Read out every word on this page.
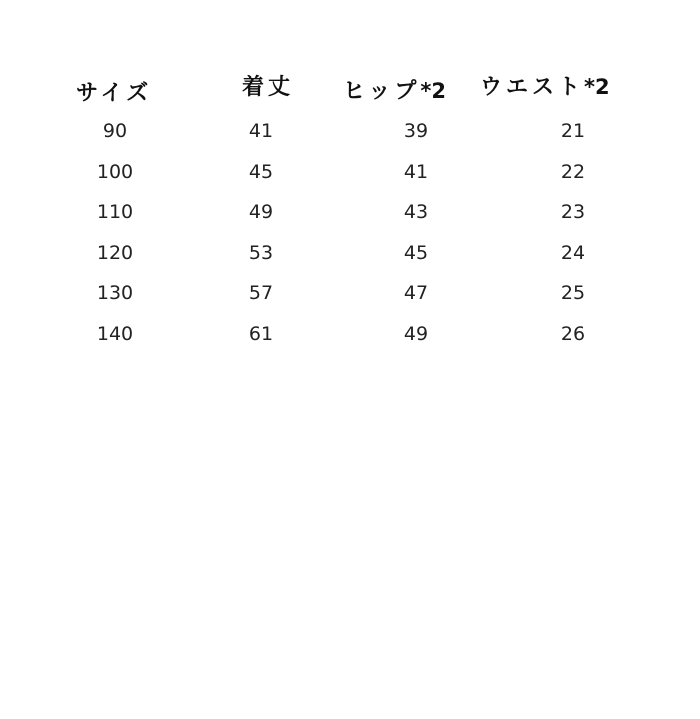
サイズ	着丈 ヒップ*2 ウエスト*2
90	41	39	21
100	45	41	22
110	49	43	23
120	53	45	24
130	57	47	25
140	61	49	26
